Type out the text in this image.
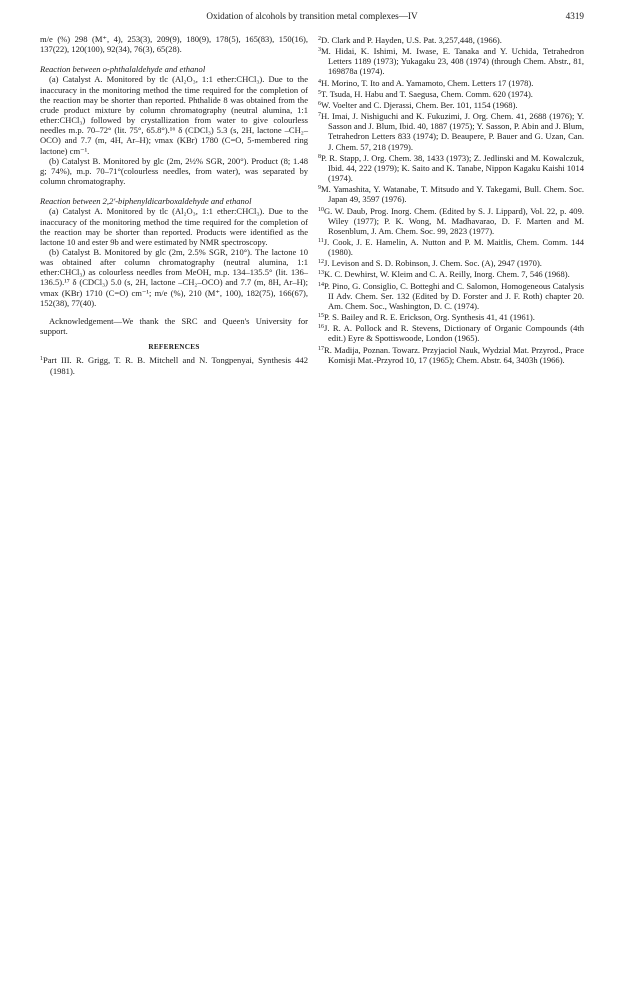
Oxidation of alcohols by transition metal complexes—IV	4319

m/e (%) 298 (M⁺, 4), 253(3), 209(9), 180(9), 178(5), 165(83), 150(16), 137(22), 120(100), 92(34), 76(3), 65(28).

Reaction between o-phthalaldehyde and ethanol

(a) Catalyst A. Monitored by tlc (Al₂O₃, 1:1 ether:CHCl₃). Due to the inaccuracy in the monitoring method the time required for the completion of the reaction may be shorter than reported. Phthalide 8 was obtained from the crude product mixture by column chromatography (neutral alumina, 1:1 ether:CHCl₃) followed by crystallization from water to give colourless needles m.p. 70–72° (lit. 75°, 65.8°).¹⁶ δ (CDCl₃) 5.3 (s, 2H, lactone –CH₂–OCO) and 7.7 (m, 4H, Ar–H); νmax (KBr) 1780 (C=O, 5-membered ring lactone) cm⁻¹.

(b) Catalyst B. Monitored by glc (2m, 2½% SGR, 200°). Product (8; 1.48 g; 74%), m.p. 70–71°(colourless needles, from water), was separated by column chromatography.

Reaction between 2,2′-biphenyldicarboxaldehyde and ethanol

(a) Catalyst A. Monitored by tlc (Al₂O₃, 1:1 ether:CHCl₃). Due to the inaccuracy of the monitoring method the time required for the completion of the reaction may be shorter than reported. Products were identified as the lactone 10 and ester 9b and were estimated by NMR spectroscopy.

(b) Catalyst B. Monitored by glc (2m, 2.5% SGR, 210°). The lactone 10 was obtained after column chromatography (neutral alumina, 1:1 ether:CHCl₃) as colourless needles from MeOH, m.p. 134–135.5° (lit. 136–136.5).¹⁷ δ (CDCl₃) 5.0 (s, 2H, lactone –CH₂–OCO) and 7.7 (m, 8H, Ar–H); νmax (KBr) 1710 (C=O) cm⁻¹; m/e (%), 210 (M⁺, 100), 182(75), 166(67), 152(38), 77(40).

Acknowledgement—We thank the SRC and Queen's University for support.

REFERENCES

$^1$Part III. R. Grigg, T. R. B. Mitchell and N. Tongpenyai, Synthesis 442 (1981).

$^2$D. Clark and P. Hayden, U.S. Pat. 3,257,448, (1966).

$^3$M. Hidai, K. Ishimi, M. Iwase, E. Tanaka and Y. Uchida, Tetrahedron Letters 1189 (1973); Yukagaku 23, 408 (1974) (through Chem. Abstr., 81, 169878a (1974).

$^4$H. Morino, T. Ito and A. Yamamoto, Chem. Letters 17 (1978).

$^5$T. Tsuda, H. Habu and T. Saegusa, Chem. Comm. 620 (1974).

$^6$W. Voelter and C. Djerassi, Chem. Ber. 101, 1154 (1968).

$^7$H. Imai, J. Nishiguchi and K. Fukuzimi, J. Org. Chem. 41, 2688 (1976); Y. Sasson and J. Blum, Ibid. 40, 1887 (1975); Y. Sasson, P. Abin and J. Blum, Tetrahedron Letters 833 (1974); D. Beaupere, P. Bauer and G. Uzan, Can. J. Chem. 57, 218 (1979).

$^8$P. R. Stapp, J. Org. Chem. 38, 1433 (1973); Z. Jedlinski and M. Kowalczuk, Ibid. 44, 222 (1979); K. Saito and K. Tanabe, Nippon Kagaku Kaishi 1014 (1974).

$^9$M. Yamashita, Y. Watanabe, T. Mitsudo and Y. Takegami, Bull. Chem. Soc. Japan 49, 3597 (1976).

$^{10}$G. W. Daub, Prog. Inorg. Chem. (Edited by S. J. Lippard), Vol. 22, p. 409. Wiley (1977); P. K. Wong, M. Madhavarao, D. F. Marten and M. Rosenblum, J. Am. Chem. Soc. 99, 2823 (1977).

$^{11}$J. Cook, J. E. Hamelin, A. Nutton and P. M. Maitlis, Chem. Comm. 144 (1980).

$^{12}$J. Levison and S. D. Robinson, J. Chem. Soc. (A), 2947 (1970).

$^{13}$K. C. Dewhirst, W. Kleim and C. A. Reilly, Inorg. Chem. 7, 546 (1968).

$^{14}$P. Pino, G. Consiglio, C. Botteghi and C. Salomon, Homogeneous Catalysis II Adv. Chem. Ser. 132 (Edited by D. Forster and J. F. Roth) chapter 20. Am. Chem. Soc., Washington, D. C. (1974).

$^{15}$P. S. Bailey and R. E. Erickson, Org. Synthesis 41, 41 (1961).

$^{16}$J. R. A. Pollock and R. Stevens, Dictionary of Organic Compounds (4th edit.) Eyre & Spottiswoode, London (1965).

$^{17}$R. Madija, Poznan. Towarz. Przyjaciol Nauk, Wydzial Mat. Przyrod., Prace Komisji Mat.-Przyrod 10, 17 (1965); Chem. Abstr. 64, 3403h (1966).
